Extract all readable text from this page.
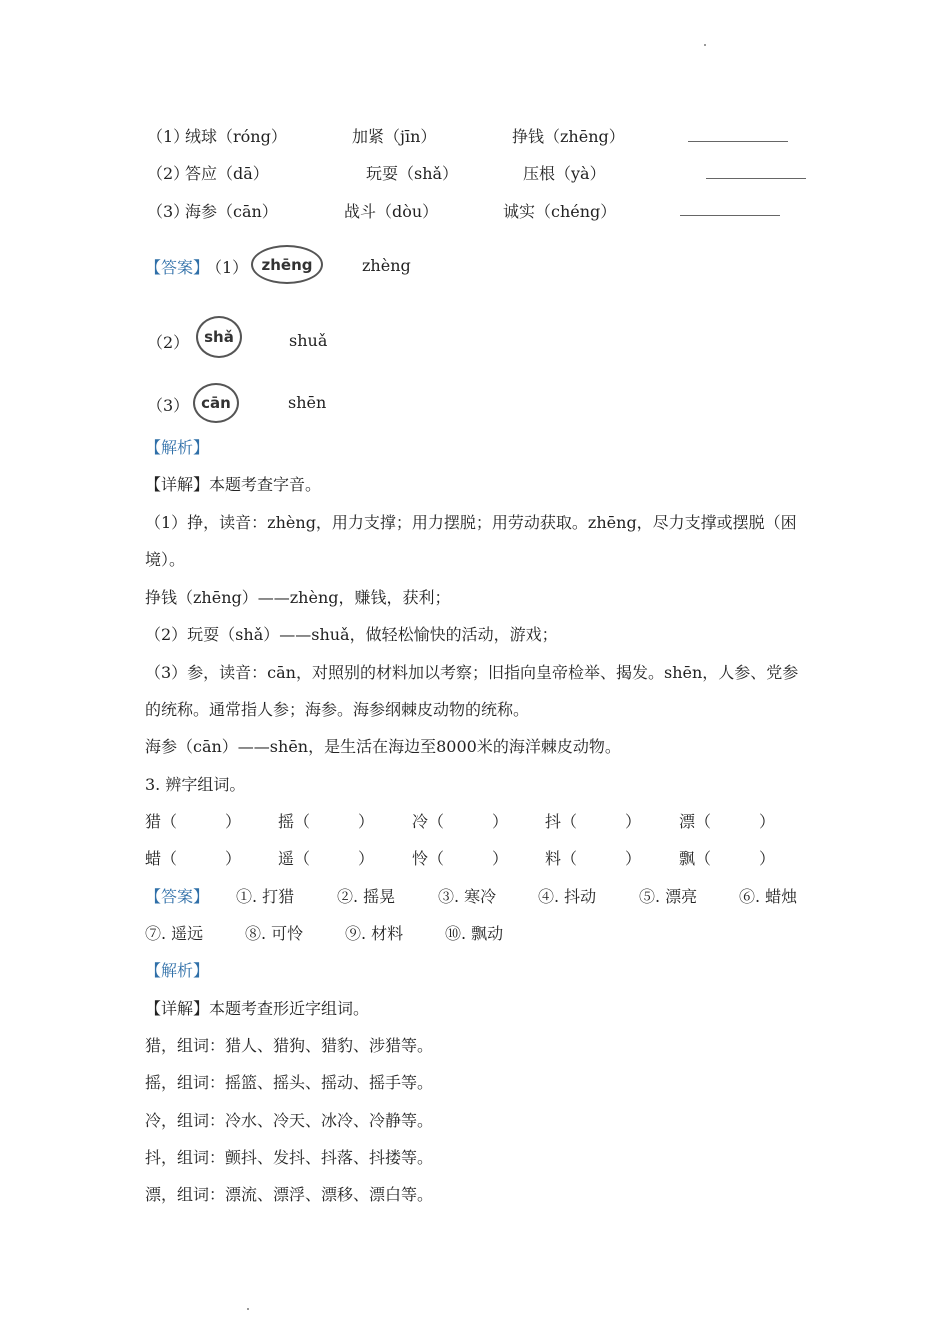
（1）
绒球（róng）	加紧（jīn）	挣钱（zhēng）
（2）
答应（dā）	玩耍（shǎ）	压根（yà）
（3）
海参（cān）	战斗（dòu）	诚实（chéng）
【答案】
（1） zhēng	zhèng
（2） shǎ	shuǎ
（3） cān	shēn
【解析】
【详解】本题考查字音。
（1）挣，读音：zhèng，用力支撑；用力摆脱；用劳动获取。zhēng，尽力支撑或摆脱（困
境）。
挣钱（zhēng）——zhèng，赚钱，获利；
（2）玩耍（shǎ）——shuǎ，做轻松愉快的活动，游戏；
（3）参，读音：cān，对照别的材料加以考察；旧指向皇帝检举、揭发。shēn，人参、党参
的统称。通常指人参；海参。海参纲棘皮动物的统称。
海参（cān）——shēn，是生活在海边至8000米的海洋棘皮动物。
3. 辨字组词。
猎（　　　） 摇（　　　） 冷（　　　） 抖（　　　） 漂（　　　）
蜡（　　　） 遥（　　　） 怜（　　　） 料（　　　） 飘（　　　）
【答案】 ①. 打猎	②. 摇晃	③. 寒冷	④. 抖动	⑤. 漂亮	⑥. 蜡烛
⑦. 遥远	⑧. 可怜	⑨. 材料	⑩. 飘动
【解析】
【详解】本题考查形近字组词。
猎，组词：猎人、猎狗、猎豹、涉猎等。
摇，组词：摇篮、摇头、摇动、摇手等。
冷，组词：冷水、冷天、冰冷、冷静等。
抖，组词：颤抖、发抖、抖落、抖搂等。
漂，组词：漂流、漂浮、漂移、漂白等。
